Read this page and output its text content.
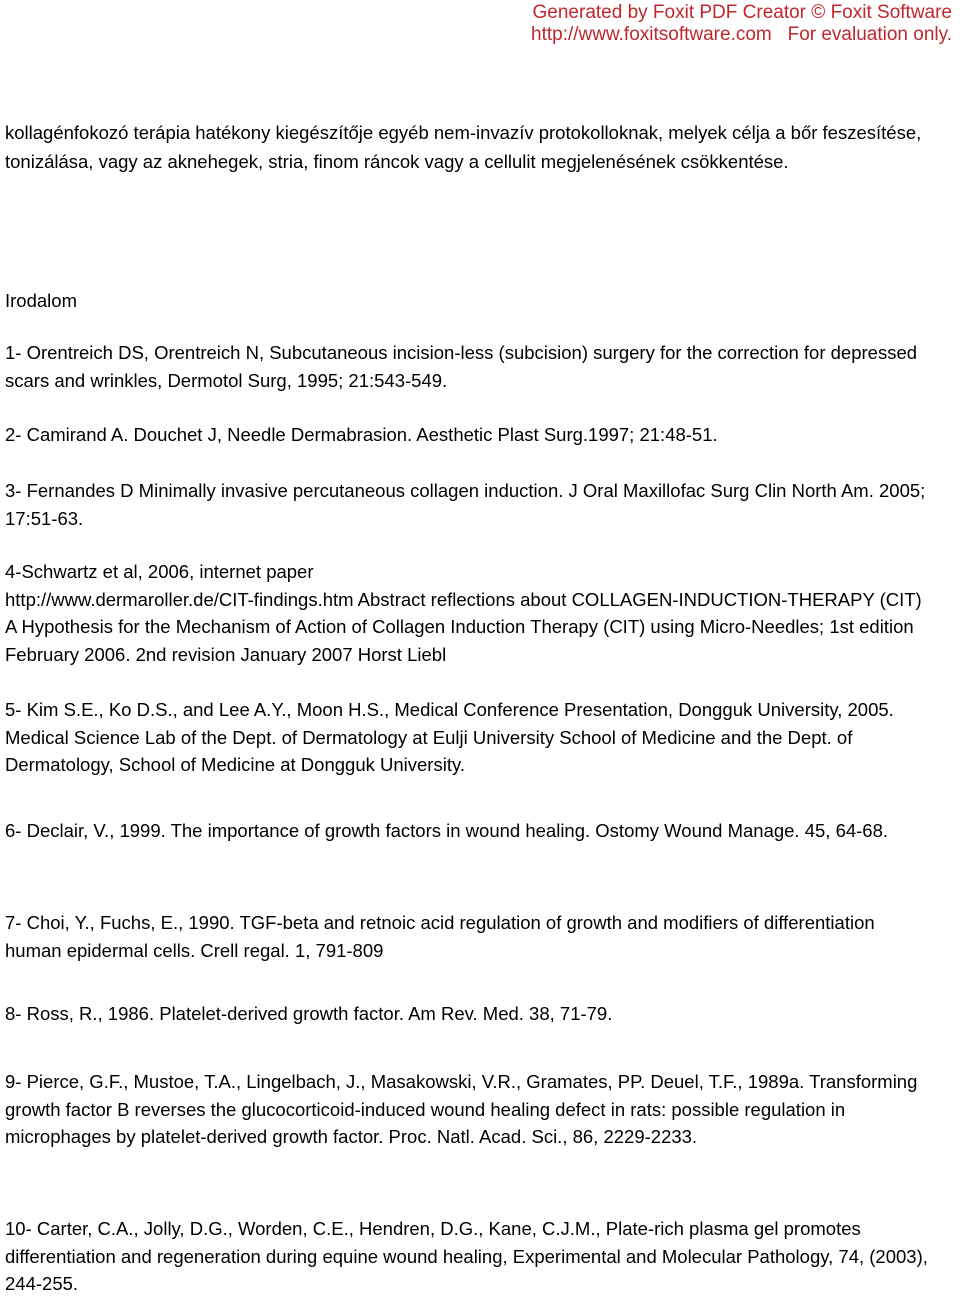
Generated by Foxit PDF Creator © Foxit Software
http://www.foxitsoftware.com   For evaluation only.
kollagénfokozó terápia hatékony kiegészítője egyéb nem-invazív protokolloknak, melyek célja a bőr feszesítése, tonizálása, vagy az aknehegek, stria, finom ráncok vagy a cellulit megjelenésének csökkentése.
Irodalom

1- Orentreich DS, Orentreich N, Subcutaneous incision-less (subcision) surgery for the correction for depressed scars and wrinkles, Dermotol Surg, 1995; 21:543-549.

2- Camirand A. Douchet J, Needle Dermabrasion. Aesthetic Plast Surg.1997; 21:48-51.

3- Fernandes D Minimally invasive percutaneous collagen induction. J Oral Maxillofac Surg Clin North Am. 2005; 17:51-63.

4-Schwartz et al, 2006, internet paper

http://www.dermaroller.de/CIT-findings.htm Abstract reflections about COLLAGEN-INDUCTION-THERAPY (CIT) A Hypothesis for the Mechanism of Action of Collagen Induction Therapy (CIT) using Micro-Needles; 1st edition February 2006. 2nd revision January 2007 Horst Liebl

5- Kim S.E., Ko D.S., and Lee A.Y., Moon H.S., Medical Conference Presentation, Dongguk University, 2005. Medical Science Lab of the Dept. of Dermatology at Eulji University School of Medicine and the Dept. of Dermatology, School of Medicine at Dongguk University.

6- Declair, V., 1999. The importance of growth factors in wound healing. Ostomy Wound Manage. 45, 64-68.

7- Choi, Y., Fuchs, E., 1990. TGF-beta and retnoic acid regulation of growth and modifiers of differentiation human epidermal cells. Crell regal. 1, 791-809

8- Ross, R., 1986. Platelet-derived growth factor. Am Rev. Med. 38, 71-79.

9- Pierce, G.F., Mustoe, T.A., Lingelbach, J., Masakowski, V.R., Gramates, PP. Deuel, T.F., 1989a. Transforming growth factor B reverses the glucocorticoid-induced wound healing defect in rats: possible regulation in microphages by platelet-derived growth factor. Proc. Natl. Acad. Sci., 86, 2229-2233.

10- Carter, C.A., Jolly, D.G., Worden, C.E., Hendren, D.G., Kane, C.J.M., Plate-rich plasma gel promotes differentiation and regeneration during equine wound healing, Experimental and Molecular Pathology, 74, (2003), 244-255.
